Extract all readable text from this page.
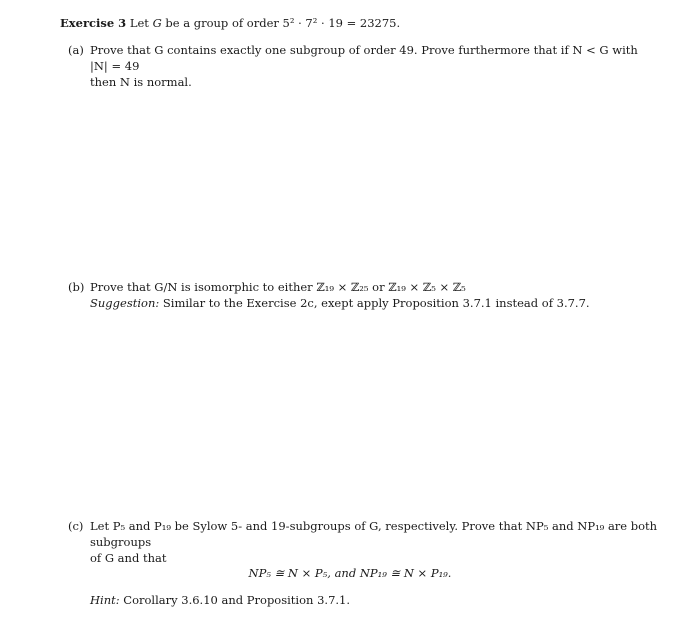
Exercise 3 Let G be a group of order 5² · 7² · 19 = 23275.
(a) Prove that G contains exactly one subgroup of order 49. Prove furthermore that if N < G with |N| = 49
then N is normal.
(b) Prove that G/N is isomorphic to either ℤ₁₉ × ℤ₂₅ or ℤ₁₉ × ℤ₅ × ℤ₅
Suggestion: Similar to the Exercise 2c, exept apply Proposition 3.7.1 instead of 3.7.7.
(c) Let P₅ and P₁₉ be Sylow 5- and 19-subgroups of G, respectively. Prove that NP₅ and NP₁₉ are both subgroups
of G and that
NP₅ ≅ N × P₅, and NP₁₉ ≅ N × P₁₉.
Hint: Corollary 3.6.10 and Proposition 3.7.1.
